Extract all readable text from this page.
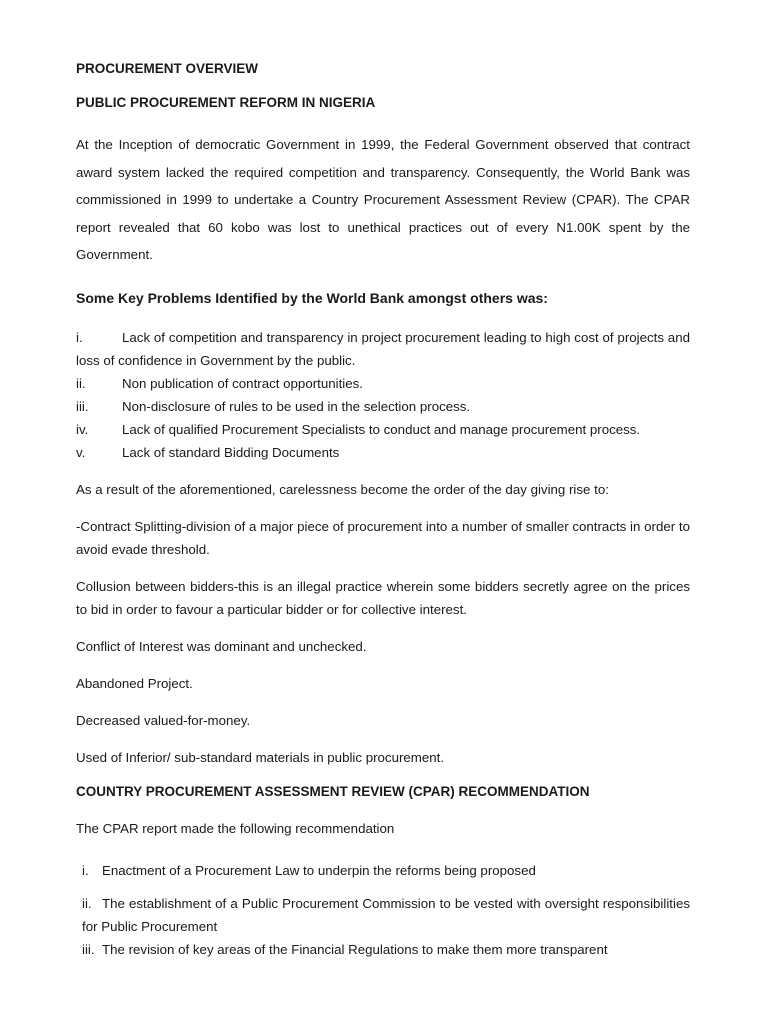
PROCUREMENT OVERVIEW
PUBLIC PROCUREMENT REFORM IN NIGERIA

At the Inception of democratic Government in 1999, the Federal Government observed that contract award system lacked the required competition and transparency. Consequently, the World Bank was commissioned in 1999 to undertake a Country Procurement Assessment Review (CPAR). The CPAR report revealed that 60 kobo was lost to unethical practices out of every N1.00K spent by the Government.

Some Key Problems Identified by the World Bank amongst others was:
i.	Lack of competition and transparency in project procurement leading to high cost of projects and loss of confidence in Government by the public.
ii.	Non publication of contract opportunities.
iii.	Non-disclosure of rules to be used in the selection process.
iv.	Lack of qualified Procurement Specialists to conduct and manage procurement process.
v.	Lack of standard Bidding Documents

As a result of the aforementioned, carelessness become the order of the day giving rise to:

-Contract Splitting-division of a major piece of procurement into a number of smaller contracts in order to avoid evade threshold.

Collusion between bidders-this is an illegal practice wherein some bidders secretly agree on the prices to bid in order to favour a particular bidder or for collective interest.

Conflict of Interest was dominant and unchecked.

Abandoned Project.

Decreased valued-for-money.

Used of Inferior/ sub-standard materials in public procurement.

COUNTRY PROCUREMENT ASSESSMENT REVIEW (CPAR) RECOMMENDATION

The CPAR report made the following recommendation

i. Enactment of a Procurement Law to underpin the reforms being proposed
ii. The establishment of a Public Procurement Commission to be vested with oversight responsibilities for Public Procurement
iii. The revision of key areas of the Financial Regulations to make them more transparent
